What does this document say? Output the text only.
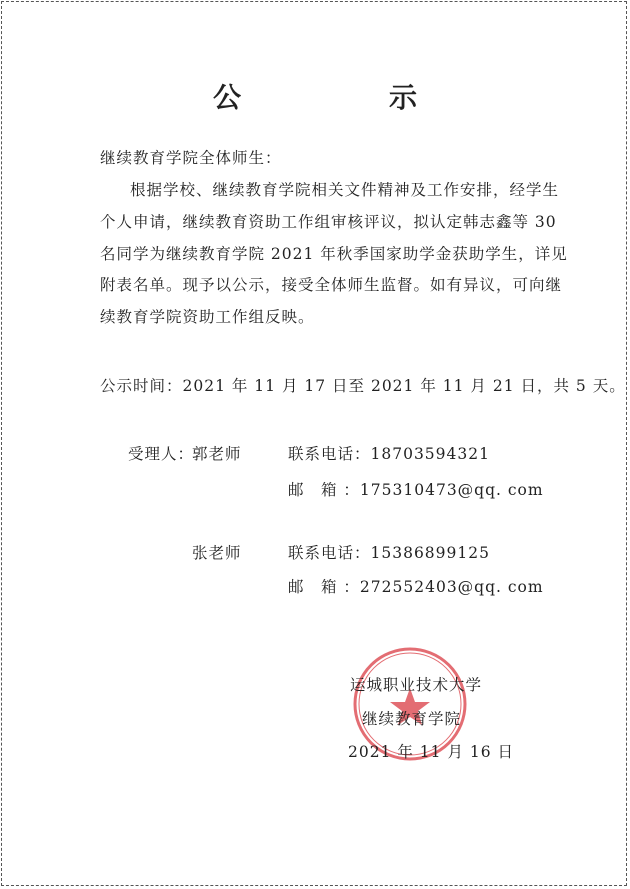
公　示
继续教育学院全体师生：
根据学校、继续教育学院相关文件精神及工作安排，经学生
个人申请，继续教育资助工作组审核评议，拟认定韩志鑫等 30
名同学为继续教育学院 2021 年秋季国家助学金获助学生，详见
附表名单。现予以公示，接受全体师生监督。如有异议，可向继
续教育学院资助工作组反映。
公示时间：2021 年 11 月 17 日至 2021 年 11 月 21 日，共 5 天。
受理人：
郭老师	联系电话：18703594321
邮　箱 ：175310473@qq. com
张老师	联系电话：15386899125
邮　箱 ：272552403@qq. com
运城职业技术大学
继续教育学院
2021 年 11 月 16 日
